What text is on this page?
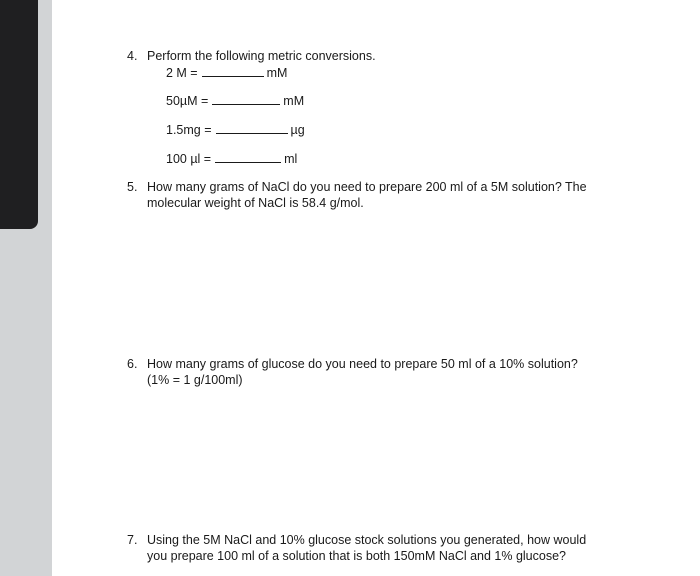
4. Perform the following metric conversions.
2 M =	mM
50µM =	mM
1.5mg =	µg
100 µl =	ml
5. How many grams of NaCl do you need to prepare 200 ml of a 5M solution? The
molecular weight of NaCl is 58.4 g/mol.
6. How many grams of glucose do you need to prepare 50 ml of a 10% solution?
(1% = 1 g/100ml)
7. Using the 5M NaCl and 10% glucose stock solutions you generated, how would
you prepare 100 ml of a solution that is both 150mM NaCl and 1% glucose?
